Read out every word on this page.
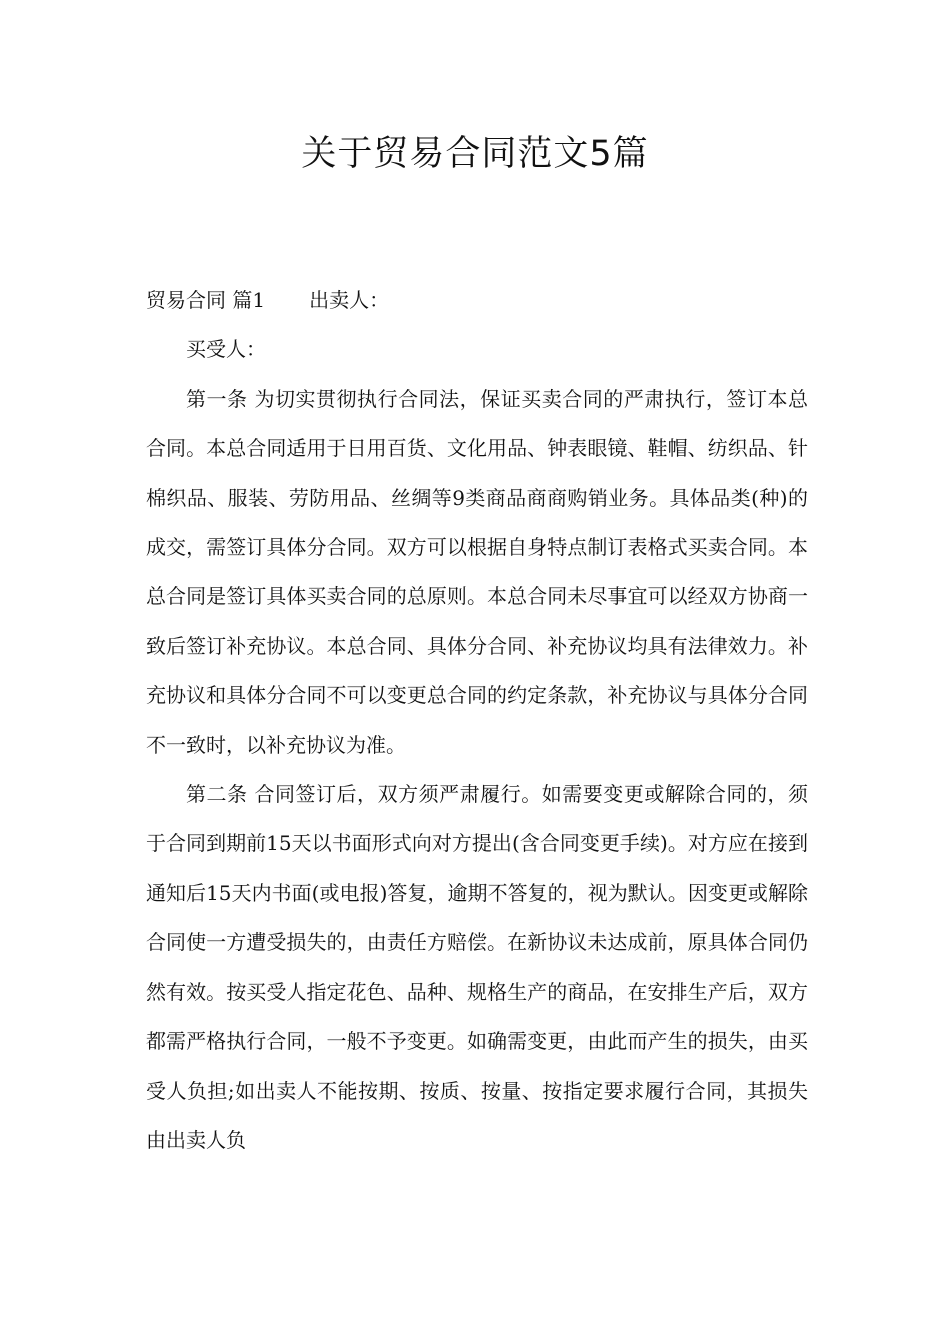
关于贸易合同范文5篇

贸易合同 篇1 出卖人：

买受人：

第一条 为切实贯彻执行合同法，保证买卖合同的严肃执行，签订本总合同。本总合同适用于日用百货、文化用品、钟表眼镜、鞋帽、纺织品、针棉织品、服装、劳防用品、丝绸等9类商品商商购销业务。具体品类(种)的成交，需签订具体分合同。双方可以根据自身特点制订表格式买卖合同。本总合同是签订具体买卖合同的总原则。本总合同未尽事宜可以经双方协商一致后签订补充协议。本总合同、具体分合同、补充协议均具有法律效力。补充协议和具体分合同不可以变更总合同的约定条款，补充协议与具体分合同不一致时，以补充协议为准。

第二条 合同签订后，双方须严肃履行。如需要变更或解除合同的，须于合同到期前15天以书面形式向对方提出(含合同变更手续)。对方应在接到通知后15天内书面(或电报)答复，逾期不答复的，视为默认。因变更或解除合同使一方遭受损失的，由责任方赔偿。在新协议未达成前，原具体合同仍然有效。按买受人指定花色、品种、规格生产的商品，在安排生产后，双方都需严格执行合同，一般不予变更。如确需变更，由此而产生的损失，由买受人负担;如出卖人不能按期、按质、按量、按指定要求履行合同，其损失由出卖人负
